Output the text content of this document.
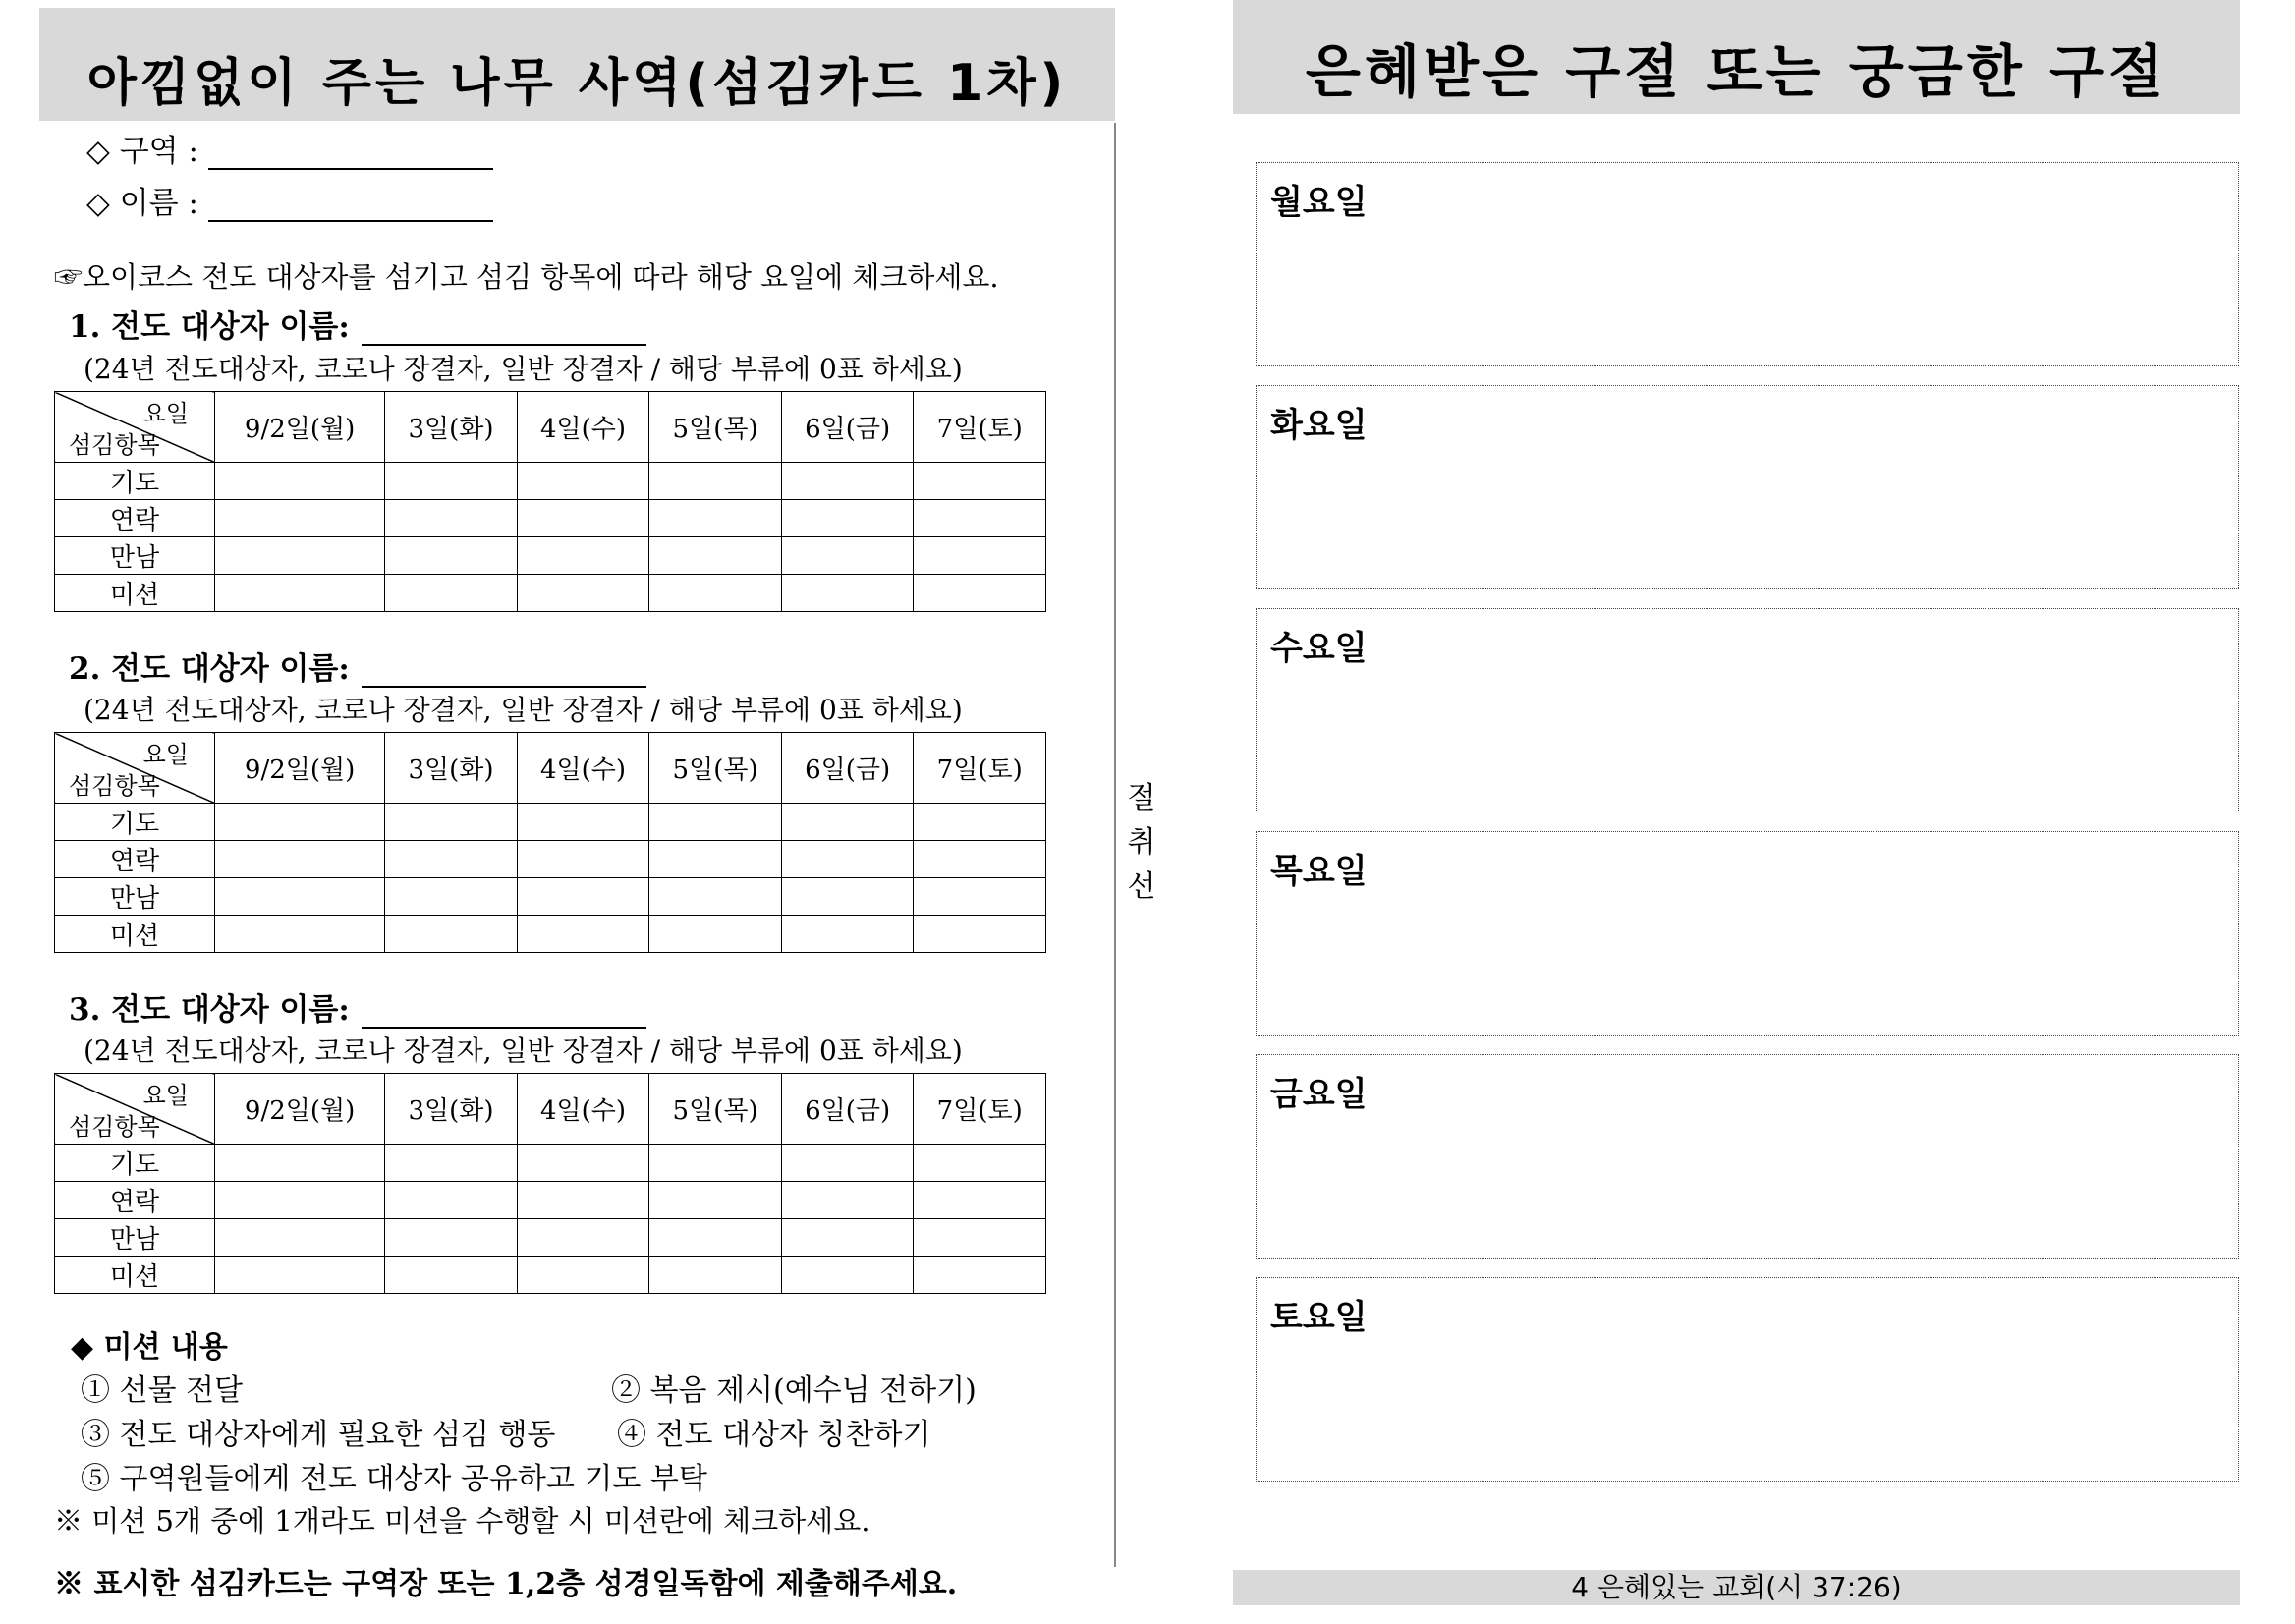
아낌없이 주는 나무 사역(섬김카드 1차)
◇ 구역 :
◇ 이름 :
☞오이코스 전도 대상자를 섬기고 섬김 항목에 따라 해당 요일에 체크하세요.
1. 전도 대상자 이름:
(24년 전도대상자, 코로나 장결자, 일반 장결자 / 해당 부류에 0표 하세요)
요일
섬김항목	9/2일(월)	3일(화)	4일(수)	5일(목)	6일(금)	7일(토)
기도						
연락						
만남						
미션						
2. 전도 대상자 이름:
(24년 전도대상자, 코로나 장결자, 일반 장결자 / 해당 부류에 0표 하세요)
요일
섬김항목	9/2일(월)	3일(화)	4일(수)	5일(목)	6일(금)	7일(토)
기도						
연락						
만남						
미션						
3. 전도 대상자 이름:
(24년 전도대상자, 코로나 장결자, 일반 장결자 / 해당 부류에 0표 하세요)
요일
섬김항목	9/2일(월)	3일(화)	4일(수)	5일(목)	6일(금)	7일(토)
기도						
연락						
만남						
미션						
◆ 미션 내용
① 선물 전달	② 복음 제시(예수님 전하기)
③ 전도 대상자에게 필요한 섬김 행동 ④ 전도 대상자 칭찬하기
⑤ 구역원들에게 전도 대상자 공유하고 기도 부탁
※ 미션 5개 중에 1개라도 미션을 수행할 시 미션란에 체크하세요.
※ 표시한 섬김카드는 구역장 또는 1,2층 성경일독함에 제출해주세요.
절
취
선
은혜받은 구절 또는 궁금한 구절
월요일
화요일
수요일
목요일
금요일
토요일
4 은혜있는 교회(시 37:26)
